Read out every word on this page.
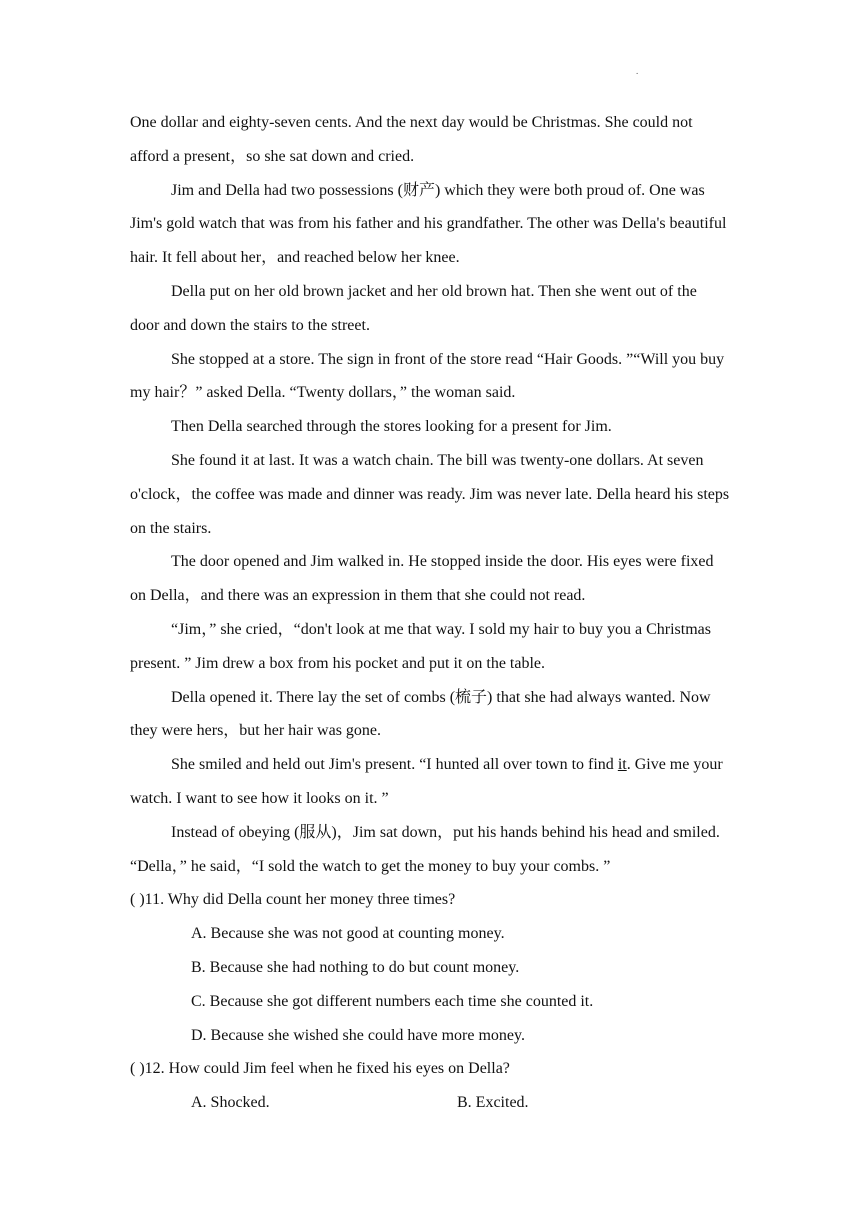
.

One dollar and eighty-seven cents. And the next day would be Christmas. She could not afford a present，so she sat down and cried.

Jim and Della had two possessions (财产) which they were both proud of. One was Jim's gold watch that was from his father and his grandfather. The other was Della's beautiful hair. It fell about her，and reached below her knee.

Della put on her old brown jacket and her old brown hat. Then she went out of the door and down the stairs to the street.

She stopped at a store. The sign in front of the store read “Hair Goods. ”“Will you buy my hair？” asked Della. “Twenty dollars，” the woman said.

Then Della searched through the stores looking for a present for Jim.

She found it at last. It was a watch chain. The bill was twenty-one dollars. At seven o'clock，the coffee was made and dinner was ready. Jim was never late. Della heard his steps on the stairs.

The door opened and Jim walked in. He stopped inside the door. His eyes were fixed on Della，and there was an expression in them that she could not read.

“Jim，” she cried，“don't look at me that way. I sold my hair to buy you a Christmas present. ” Jim drew a box from his pocket and put it on the table.

Della opened it. There lay the set of combs (梳子) that she had always wanted. Now they were hers，but her hair was gone.

She smiled and held out Jim's present. “I hunted all over town to find it. Give me your watch. I want to see how it looks on it. ”

Instead of obeying (服从)，Jim sat down，put his hands behind his head and smiled. “Della，” he said，“I sold the watch to get the money to buy your combs. ”

( )11. Why did Della count her money three times?

A. Because she was not good at counting money.

B. Because she had nothing to do but count money.

C. Because she got different numbers each time she counted it.

D. Because she wished she could have more money.

( )12. How could Jim feel when he fixed his eyes on Della?

A. Shocked.	B. Excited.
